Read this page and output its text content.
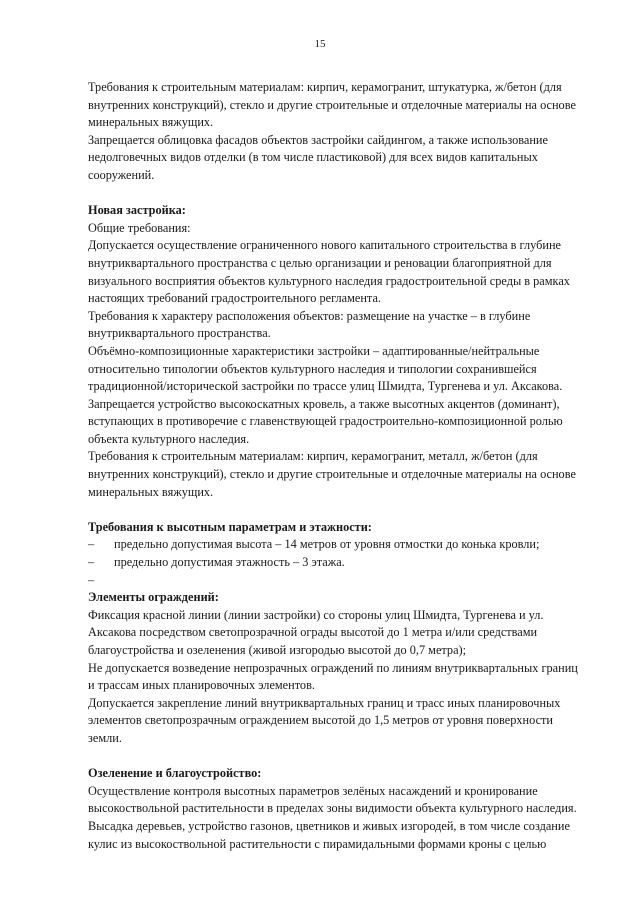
15
Требования к строительным материалам: кирпич, керамогранит, штукатурка, ж/бетон (для
внутренних конструкций), стекло и другие строительные и отделочные материалы на основе
минеральных вяжущих.
Запрещается облицовка фасадов объектов застройки сайдингом, а также использование
недолговечных видов отделки (в том числе пластиковой) для всех видов капитальных
сооружений.
Новая застройка:
Общие требования:
Допускается осуществление ограниченного нового капитального строительства в глубине
внутриквартального пространства с целью организации и реновации благоприятной для
визуального восприятия объектов культурного наследия градостроительной среды в рамках
настоящих требований градостроительного регламента.
Требования к характеру расположения объектов: размещение на участке – в глубине
внутриквартального пространства.
Объёмно-композиционные характеристики застройки – адаптированные/нейтральные
относительно типологии объектов культурного наследия и типологии сохранившейся
традиционной/исторической застройки по трассе улиц Шмидта, Тургенева и ул. Аксакова.
Запрещается устройство высокоскатных кровель, а также высотных акцентов (доминант),
вступающих в противоречие с главенствующей градостроительно-композиционной ролью
объекта культурного наследия.
Требования к строительным материалам: кирпич, керамогранит, металл, ж/бетон (для
внутренних конструкций), стекло и другие строительные и отделочные материалы на основе
минеральных вяжущих.
Требования к высотным параметрам и этажности:
–	предельно допустимая высота – 14 метров от уровня отмостки до конька кровли;
–	предельно допустимая этажность – 3 этажа.
–
Элементы ограждений:
Фиксация красной линии (линии застройки) со стороны улиц Шмидта, Тургенева и ул.
Аксакова посредством светопрозрачной ограды высотой до 1 метра и/или средствами
благоустройства и озеленения (живой изгородью высотой до 0,7 метра);
Не допускается возведение непрозрачных ограждений по линиям внутриквартальных границ
и трассам иных планировочных элементов.
Допускается закрепление линий внутриквартальных границ и трасс иных планировочных
элементов светопрозрачным ограждением высотой до 1,5 метров от уровня поверхности
земли.
Озеленение и благоустройство:
Осуществление контроля высотных параметров зелёных насаждений и кронирование
высокоствольной растительности в пределах зоны видимости объекта культурного наследия.
Высадка деревьев, устройство газонов, цветников и живых изгородей, в том числе создание
кулис из высокоствольной растительности с пирамидальными формами кроны с целью
